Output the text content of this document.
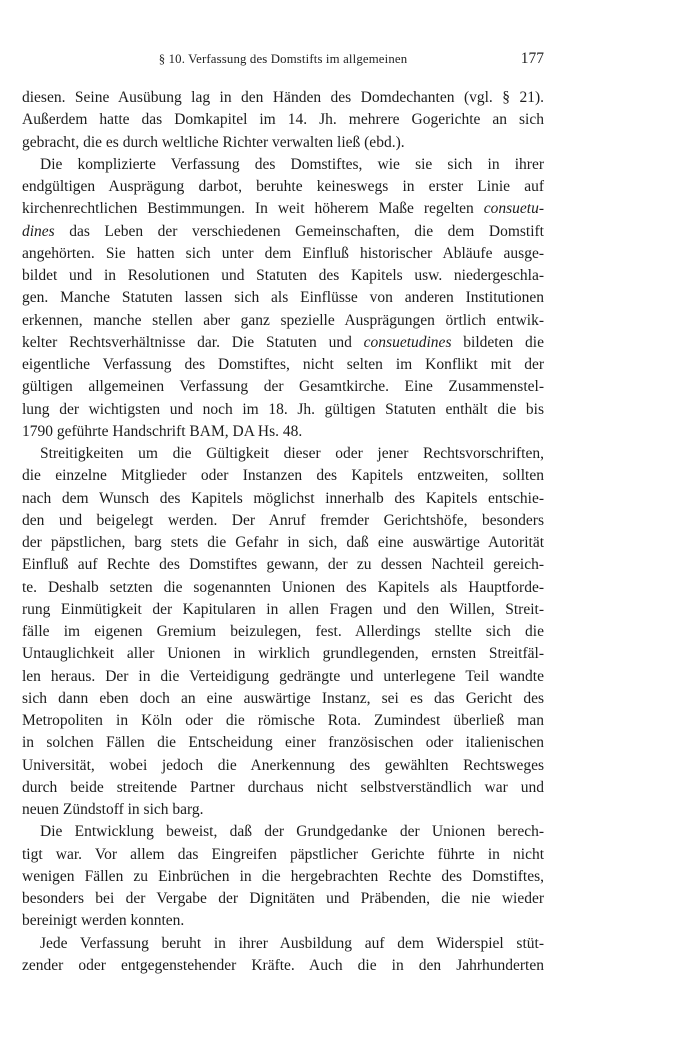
§ 10. Verfassung des Domstifts im allgemeinen	177
diesen. Seine Ausübung lag in den Händen des Domdechanten (vgl. § 21).
Außerdem hatte das Domkapitel im 14. Jh. mehrere Gogerichte an sich
gebracht, die es durch weltliche Richter verwalten ließ (ebd.).
Die komplizierte Verfassung des Domstiftes, wie sie sich in ihrer
endgültigen Ausprägung darbot, beruhte keineswegs in erster Linie auf
kirchenrechtlichen Bestimmungen. In weit höherem Maße regelten consuetu-
dines das Leben der verschiedenen Gemeinschaften, die dem Domstift
angehörten. Sie hatten sich unter dem Einfluß historischer Abläufe ausge-
bildet und in Resolutionen und Statuten des Kapitels usw. niedergeschla-
gen. Manche Statuten lassen sich als Einflüsse von anderen Institutionen
erkennen, manche stellen aber ganz spezielle Ausprägungen örtlich entwik-
kelter Rechtsverhältnisse dar. Die Statuten und consuetudines bildeten die
eigentliche Verfassung des Domstiftes, nicht selten im Konflikt mit der
gültigen allgemeinen Verfassung der Gesamtkirche. Eine Zusammenstel-
lung der wichtigsten und noch im 18. Jh. gültigen Statuten enthält die bis
1790 geführte Handschrift BAM, DA Hs. 48.
Streitigkeiten um die Gültigkeit dieser oder jener Rechtsvorschriften,
die einzelne Mitglieder oder Instanzen des Kapitels entzweiten, sollten
nach dem Wunsch des Kapitels möglichst innerhalb des Kapitels entschie-
den und beigelegt werden. Der Anruf fremder Gerichtshöfe, besonders
der päpstlichen, barg stets die Gefahr in sich, daß eine auswärtige Autorität
Einfluß auf Rechte des Domstiftes gewann, der zu dessen Nachteil gereich-
te. Deshalb setzten die sogenannten Unionen des Kapitels als Hauptforde-
rung Einmütigkeit der Kapitularen in allen Fragen und den Willen, Streit-
fälle im eigenen Gremium beizulegen, fest. Allerdings stellte sich die
Untauglichkeit aller Unionen in wirklich grundlegenden, ernsten Streitfäl-
len heraus. Der in die Verteidigung gedrängte und unterlegene Teil wandte
sich dann eben doch an eine auswärtige Instanz, sei es das Gericht des
Metropoliten in Köln oder die römische Rota. Zumindest überließ man
in solchen Fällen die Entscheidung einer französischen oder italienischen
Universität, wobei jedoch die Anerkennung des gewählten Rechtsweges
durch beide streitende Partner durchaus nicht selbstverständlich war und
neuen Zündstoff in sich barg.
Die Entwicklung beweist, daß der Grundgedanke der Unionen berech-
tigt war. Vor allem das Eingreifen päpstlicher Gerichte führte in nicht
wenigen Fällen zu Einbrüchen in die hergebrachten Rechte des Domstiftes,
besonders bei der Vergabe der Dignitäten und Präbenden, die nie wieder
bereinigt werden konnten.
Jede Verfassung beruht in ihrer Ausbildung auf dem Widerspiel stüt-
zender oder entgegenstehender Kräfte. Auch die in den Jahrhunderten
